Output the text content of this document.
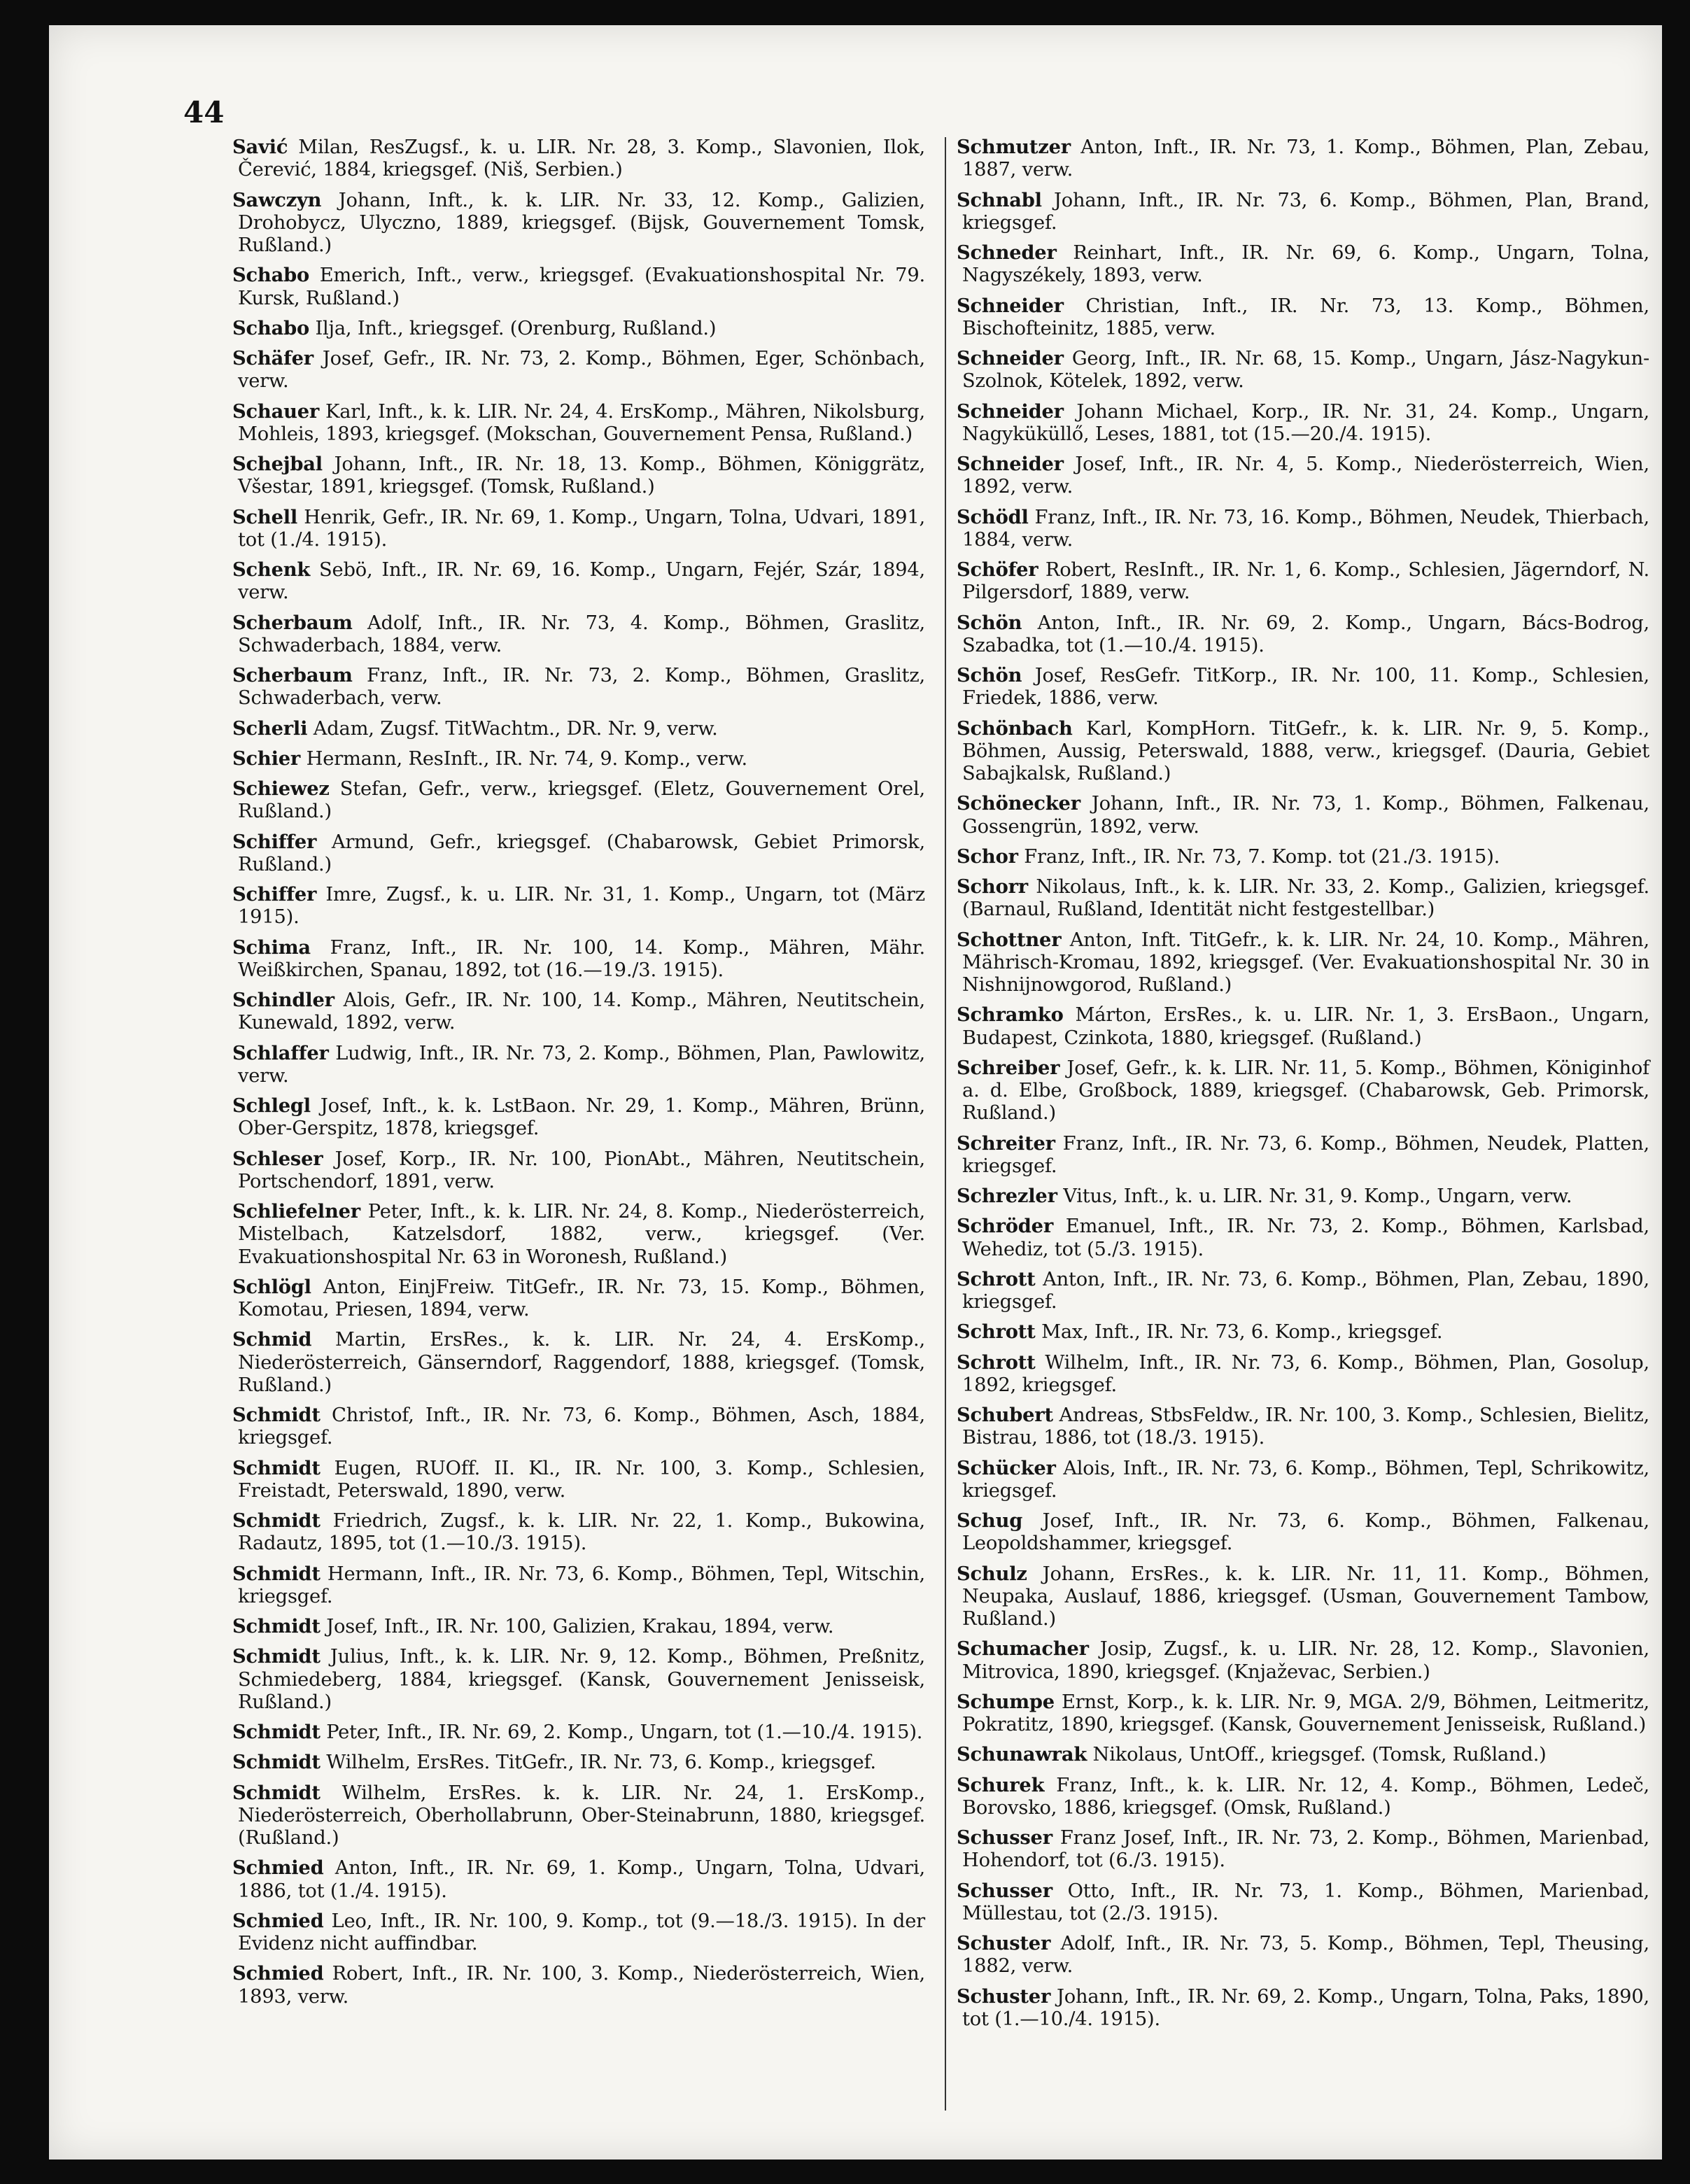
44
Savić Milan, ResZugsf., k. u. LIR. Nr. 28, 3. Komp., Slavonien, Ilok, Čerević, 1884, kriegsgef. (Niš, Serbien.)
Sawczyn Johann, Inft., k. k. LIR. Nr. 33, 12. Komp., Galizien, Drohobycz, Ulyczno, 1889, kriegsgef. (Bijsk, Gouvernement Tomsk, Rußland.)
Schabo Emerich, Inft., verw., kriegsgef. (Evakuationshospital Nr. 79. Kursk, Rußland.)
Schabo Ilja, Inft., kriegsgef. (Orenburg, Rußland.)
Schäfer Josef, Gefr., IR. Nr. 73, 2. Komp., Böhmen, Eger, Schönbach, verw.
Schauer Karl, Inft., k. k. LIR. Nr. 24, 4. ErsKomp., Mähren, Nikolsburg, Mohleis, 1893, kriegsgef. (Mokschan, Gouvernement Pensa, Rußland.)
Schejbal Johann, Inft., IR. Nr. 18, 13. Komp., Böhmen, Königgrätz, Všestar, 1891, kriegsgef. (Tomsk, Rußland.)
Schell Henrik, Gefr., IR. Nr. 69, 1. Komp., Ungarn, Tolna, Udvari, 1891, tot (1./4. 1915).
Schenk Sebö, Inft., IR. Nr. 69, 16. Komp., Ungarn, Fejér, Szár, 1894, verw.
Scherbaum Adolf, Inft., IR. Nr. 73, 4. Komp., Böhmen, Graslitz, Schwaderbach, 1884, verw.
Scherbaum Franz, Inft., IR. Nr. 73, 2. Komp., Böhmen, Graslitz, Schwaderbach, verw.
Scherli Adam, Zugsf. TitWachtm., DR. Nr. 9, verw.
Schier Hermann, ResInft., IR. Nr. 74, 9. Komp., verw.
Schiewez Stefan, Gefr., verw., kriegsgef. (Eletz, Gouvernement Orel, Rußland.)
Schiffer Armund, Gefr., kriegsgef. (Chabarowsk, Gebiet Primorsk, Rußland.)
Schiffer Imre, Zugsf., k. u. LIR. Nr. 31, 1. Komp., Ungarn, tot (März 1915).
Schima Franz, Inft., IR. Nr. 100, 14. Komp., Mähren, Mähr. Weißkirchen, Spanau, 1892, tot (16.—19./3. 1915).
Schindler Alois, Gefr., IR. Nr. 100, 14. Komp., Mähren, Neutitschein, Kunewald, 1892, verw.
Schlaffer Ludwig, Inft., IR. Nr. 73, 2. Komp., Böhmen, Plan, Pawlowitz, verw.
Schlegl Josef, Inft., k. k. LstBaon. Nr. 29, 1. Komp., Mähren, Brünn, Ober-Gerspitz, 1878, kriegsgef.
Schleser Josef, Korp., IR. Nr. 100, PionAbt., Mähren, Neutitschein, Portschendorf, 1891, verw.
Schliefelner Peter, Inft., k. k. LIR. Nr. 24, 8. Komp., Niederösterreich, Mistelbach, Katzelsdorf, 1882, verw., kriegsgef. (Ver. Evakuationshospital Nr. 63 in Woronesh, Rußland.)
Schlögl Anton, EinjFreiw. TitGefr., IR. Nr. 73, 15. Komp., Böhmen, Komotau, Priesen, 1894, verw.
Schmid Martin, ErsRes., k. k. LIR. Nr. 24, 4. ErsKomp., Niederösterreich, Gänserndorf, Raggendorf, 1888, kriegsgef. (Tomsk, Rußland.)
Schmidt Christof, Inft., IR. Nr. 73, 6. Komp., Böhmen, Asch, 1884, kriegsgef.
Schmidt Eugen, RUOff. II. Kl., IR. Nr. 100, 3. Komp., Schlesien, Freistadt, Peterswald, 1890, verw.
Schmidt Friedrich, Zugsf., k. k. LIR. Nr. 22, 1. Komp., Bukowina, Radautz, 1895, tot (1.—10./3. 1915).
Schmidt Hermann, Inft., IR. Nr. 73, 6. Komp., Böhmen, Tepl, Witschin, kriegsgef.
Schmidt Josef, Inft., IR. Nr. 100, Galizien, Krakau, 1894, verw.
Schmidt Julius, Inft., k. k. LIR. Nr. 9, 12. Komp., Böhmen, Preßnitz, Schmiedeberg, 1884, kriegsgef. (Kansk, Gouvernement Jenisseisk, Rußland.)
Schmidt Peter, Inft., IR. Nr. 69, 2. Komp., Ungarn, tot (1.—10./4. 1915).
Schmidt Wilhelm, ErsRes. TitGefr., IR. Nr. 73, 6. Komp., kriegsgef.
Schmidt Wilhelm, ErsRes. k. k. LIR. Nr. 24, 1. ErsKomp., Niederösterreich, Oberhollabrunn, Ober-Steinabrunn, 1880, kriegsgef. (Rußland.)
Schmied Anton, Inft., IR. Nr. 69, 1. Komp., Ungarn, Tolna, Udvari, 1886, tot (1./4. 1915).
Schmied Leo, Inft., IR. Nr. 100, 9. Komp., tot (9.—18./3. 1915). In der Evidenz nicht auffindbar.
Schmied Robert, Inft., IR. Nr. 100, 3. Komp., Niederösterreich, Wien, 1893, verw.
Schmutzer Anton, Inft., IR. Nr. 73, 1. Komp., Böhmen, Plan, Zebau, 1887, verw.
Schnabl Johann, Inft., IR. Nr. 73, 6. Komp., Böhmen, Plan, Brand, kriegsgef.
Schneder Reinhart, Inft., IR. Nr. 69, 6. Komp., Ungarn, Tolna, Nagyszékely, 1893, verw.
Schneider Christian, Inft., IR. Nr. 73, 13. Komp., Böhmen, Bischofteinitz, 1885, verw.
Schneider Georg, Inft., IR. Nr. 68, 15. Komp., Ungarn, Jász-Nagykun-Szolnok, Kötelek, 1892, verw.
Schneider Johann Michael, Korp., IR. Nr. 31, 24. Komp., Ungarn, Nagyküküllő, Leses, 1881, tot (15.—20./4. 1915).
Schneider Josef, Inft., IR. Nr. 4, 5. Komp., Niederösterreich, Wien, 1892, verw.
Schödl Franz, Inft., IR. Nr. 73, 16. Komp., Böhmen, Neudek, Thierbach, 1884, verw.
Schöfer Robert, ResInft., IR. Nr. 1, 6. Komp., Schlesien, Jägerndorf, N. Pilgersdorf, 1889, verw.
Schön Anton, Inft., IR. Nr. 69, 2. Komp., Ungarn, Bács-Bodrog, Szabadka, tot (1.—10./4. 1915).
Schön Josef, ResGefr. TitKorp., IR. Nr. 100, 11. Komp., Schlesien, Friedek, 1886, verw.
Schönbach Karl, KompHorn. TitGefr., k. k. LIR. Nr. 9, 5. Komp., Böhmen, Aussig, Peterswald, 1888, verw., kriegsgef. (Dauria, Gebiet Sabajkalsk, Rußland.)
Schönecker Johann, Inft., IR. Nr. 73, 1. Komp., Böhmen, Falkenau, Gossengrün, 1892, verw.
Schor Franz, Inft., IR. Nr. 73, 7. Komp. tot (21./3. 1915).
Schorr Nikolaus, Inft., k. k. LIR. Nr. 33, 2. Komp., Galizien, kriegsgef. (Barnaul, Rußland, Identität nicht festgestellbar.)
Schottner Anton, Inft. TitGefr., k. k. LIR. Nr. 24, 10. Komp., Mähren, Mährisch-Kromau, 1892, kriegsgef. (Ver. Evakuationshospital Nr. 30 in Nishnijnowgorod, Rußland.)
Schramko Márton, ErsRes., k. u. LIR. Nr. 1, 3. ErsBaon., Ungarn, Budapest, Czinkota, 1880, kriegsgef. (Rußland.)
Schreiber Josef, Gefr., k. k. LIR. Nr. 11, 5. Komp., Böhmen, Königinhof a. d. Elbe, Großbock, 1889, kriegsgef. (Chabarowsk, Geb. Primorsk, Rußland.)
Schreiter Franz, Inft., IR. Nr. 73, 6. Komp., Böhmen, Neudek, Platten, kriegsgef.
Schrezler Vitus, Inft., k. u. LIR. Nr. 31, 9. Komp., Ungarn, verw.
Schröder Emanuel, Inft., IR. Nr. 73, 2. Komp., Böhmen, Karlsbad, Wehediz, tot (5./3. 1915).
Schrott Anton, Inft., IR. Nr. 73, 6. Komp., Böhmen, Plan, Zebau, 1890, kriegsgef.
Schrott Max, Inft., IR. Nr. 73, 6. Komp., kriegsgef.
Schrott Wilhelm, Inft., IR. Nr. 73, 6. Komp., Böhmen, Plan, Gosolup, 1892, kriegsgef.
Schubert Andreas, StbsFeldw., IR. Nr. 100, 3. Komp., Schlesien, Bielitz, Bistrau, 1886, tot (18./3. 1915).
Schücker Alois, Inft., IR. Nr. 73, 6. Komp., Böhmen, Tepl, Schrikowitz, kriegsgef.
Schug Josef, Inft., IR. Nr. 73, 6. Komp., Böhmen, Falkenau, Leopoldshammer, kriegsgef.
Schulz Johann, ErsRes., k. k. LIR. Nr. 11, 11. Komp., Böhmen, Neupaka, Auslauf, 1886, kriegsgef. (Usman, Gouvernement Tambow, Rußland.)
Schumacher Josip, Zugsf., k. u. LIR. Nr. 28, 12. Komp., Slavonien, Mitrovica, 1890, kriegsgef. (Knjaževac, Serbien.)
Schumpe Ernst, Korp., k. k. LIR. Nr. 9, MGA. 2/9, Böhmen, Leitmeritz, Pokratitz, 1890, kriegsgef. (Kansk, Gouvernement Jenisseisk, Rußland.)
Schunawrak Nikolaus, UntOff., kriegsgef. (Tomsk, Rußland.)
Schurek Franz, Inft., k. k. LIR. Nr. 12, 4. Komp., Böhmen, Ledeč, Borovsko, 1886, kriegsgef. (Omsk, Rußland.)
Schusser Franz Josef, Inft., IR. Nr. 73, 2. Komp., Böhmen, Marienbad, Hohendorf, tot (6./3. 1915).
Schusser Otto, Inft., IR. Nr. 73, 1. Komp., Böhmen, Marienbad, Müllestau, tot (2./3. 1915).
Schuster Adolf, Inft., IR. Nr. 73, 5. Komp., Böhmen, Tepl, Theusing, 1882, verw.
Schuster Johann, Inft., IR. Nr. 69, 2. Komp., Ungarn, Tolna, Paks, 1890, tot (1.—10./4. 1915).
